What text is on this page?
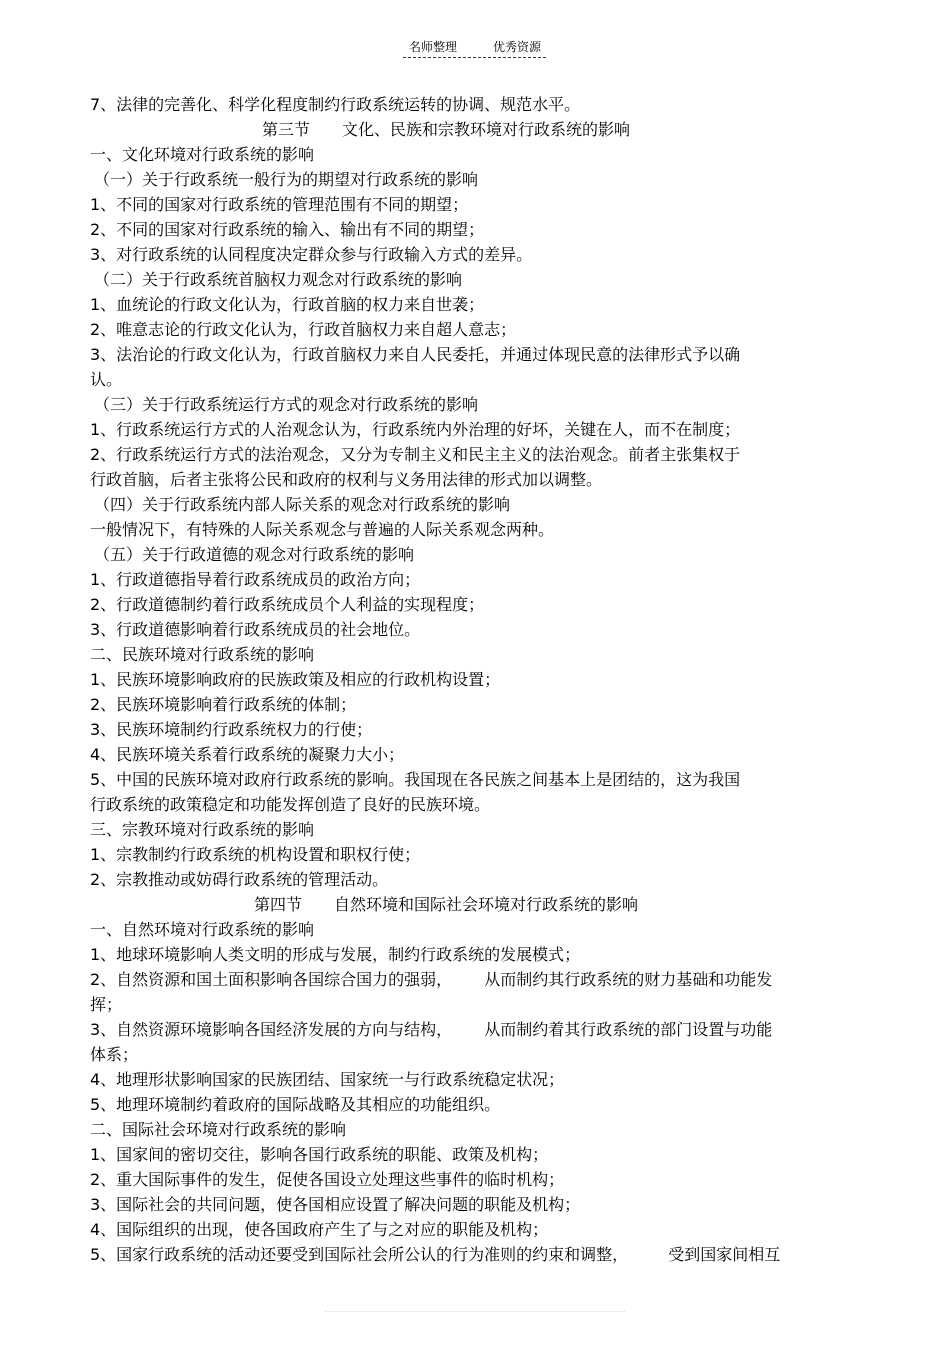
名师整理	优秀资源
7、法律的完善化、科学化程度制约行政系统运转的协调、规范水平。
第三节 文化、民族和宗教环境对行政系统的影响
一、文化环境对行政系统的影响
（一）关于行政系统一般行为的期望对行政系统的影响
1、不同的国家对行政系统的管理范围有不同的期望；
2、不同的国家对行政系统的输入、输出有不同的期望；
3、对行政系统的认同程度决定群众参与行政输入方式的差异。
（二）关于行政系统首脑权力观念对行政系统的影响
1、血统论的行政文化认为，行政首脑的权力来自世袭；
2、唯意志论的行政文化认为，行政首脑权力来自超人意志；
3、法治论的行政文化认为，行政首脑权力来自人民委托，并通过体现民意的法律形式予以确
认。
（三）关于行政系统运行方式的观念对行政系统的影响
1、行政系统运行方式的人治观念认为，行政系统内外治理的好坏，关键在人，而不在制度；
2、行政系统运行方式的法治观念，又分为专制主义和民主主义的法治观念。前者主张集权于
行政首脑，后者主张将公民和政府的权利与义务用法律的形式加以调整。
（四）关于行政系统内部人际关系的观念对行政系统的影响
一般情况下，有特殊的人际关系观念与普遍的人际关系观念两种。
（五）关于行政道德的观念对行政系统的影响
1、行政道德指导着行政系统成员的政治方向；
2、行政道德制约着行政系统成员个人利益的实现程度；
3、行政道德影响着行政系统成员的社会地位。
二、民族环境对行政系统的影响
1、民族环境影响政府的民族政策及相应的行政机构设置；
2、民族环境影响着行政系统的体制；
3、民族环境制约行政系统权力的行使；
4、民族环境关系着行政系统的凝聚力大小；
5、中国的民族环境对政府行政系统的影响。我国现在各民族之间基本上是团结的，这为我国
行政系统的政策稳定和功能发挥创造了良好的民族环境。
三、宗教环境对行政系统的影响
1、宗教制约行政系统的机构设置和职权行使；
2、宗教推动或妨碍行政系统的管理活动。
第四节 自然环境和国际社会环境对行政系统的影响
一、自然环境对行政系统的影响
1、地球环境影响人类文明的形成与发展，制约行政系统的发展模式；
2、自然资源和国土面积影响各国综合国力的强弱， 从而制约其行政系统的财力基础和功能发
挥；
3、自然资源环境影响各国经济发展的方向与结构， 从而制约着其行政系统的部门设置与功能
体系；
4、地理形状影响国家的民族团结、国家统一与行政系统稳定状况；
5、地理环境制约着政府的国际战略及其相应的功能组织。
二、国际社会环境对行政系统的影响
1、国家间的密切交往，影响各国行政系统的职能、政策及机构；
2、重大国际事件的发生，促使各国设立处理这些事件的临时机构；
3、国际社会的共同问题，使各国相应设置了解决问题的职能及机构；
4、国际组织的出现，使各国政府产生了与之对应的职能及机构；
5、国家行政系统的活动还要受到国际社会所公认的行为准则的约束和调整，	受到国家间相互
